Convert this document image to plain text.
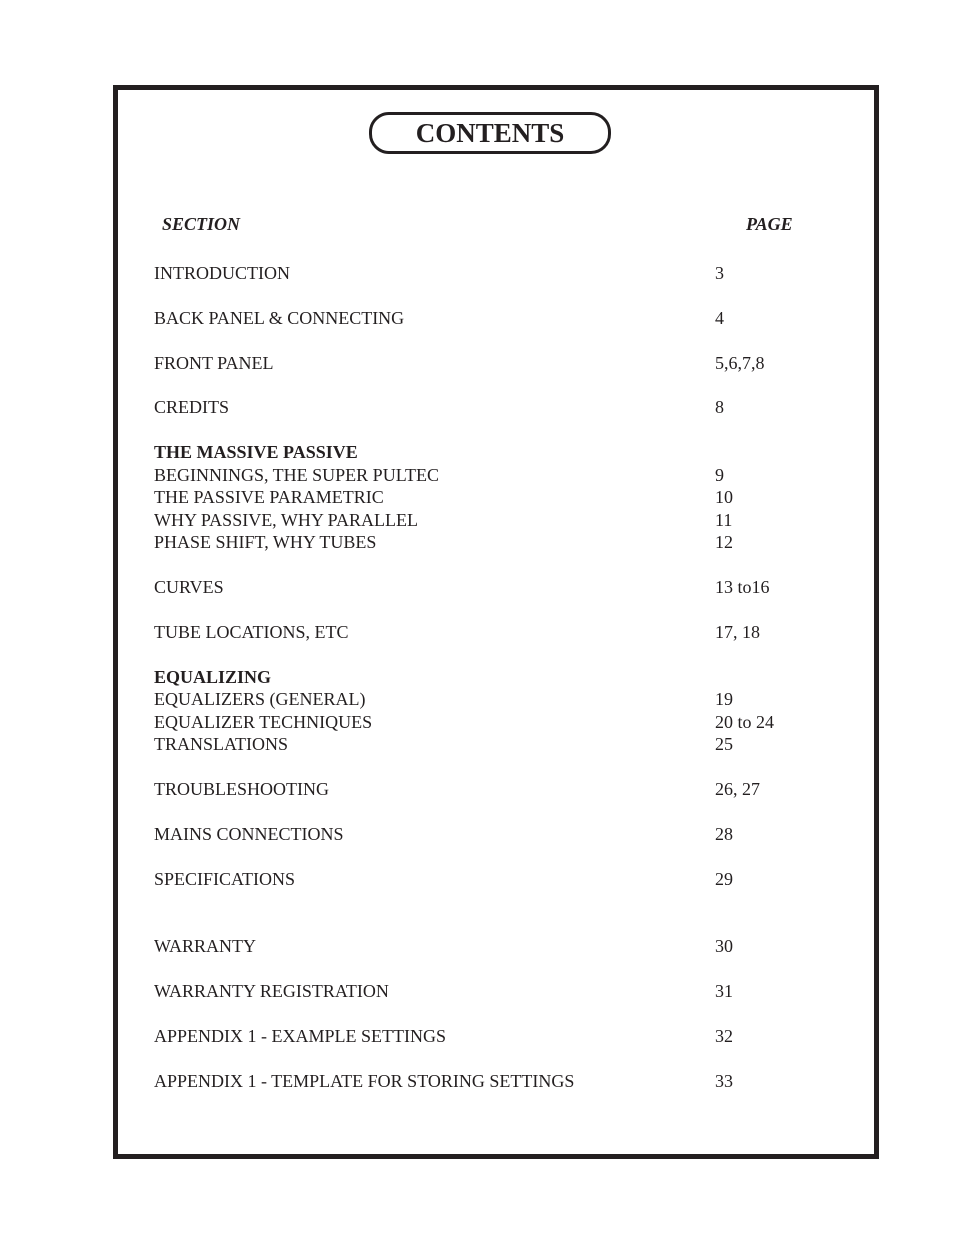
CONTENTS
SECTION	PAGE
INTRODUCTION	3
BACK PANEL & CONNECTING	4
FRONT PANEL	5,6,7,8
CREDITS	8
THE MASSIVE PASSIVE
BEGINNINGS, THE SUPER PULTEC	9
THE PASSIVE PARAMETRIC	10
WHY PASSIVE, WHY PARALLEL	11
PHASE SHIFT, WHY TUBES	12
CURVES	13 to16
TUBE LOCATIONS, ETC	17, 18
EQUALIZING
EQUALIZERS (GENERAL)	19
EQUALIZER TECHNIQUES	20 to 24
TRANSLATIONS	25
TROUBLESHOOTING	26, 27
MAINS CONNECTIONS	28
SPECIFICATIONS	29
WARRANTY	30
WARRANTY REGISTRATION	31
APPENDIX 1 - EXAMPLE SETTINGS	32
APPENDIX 1 - TEMPLATE FOR STORING SETTINGS	33
